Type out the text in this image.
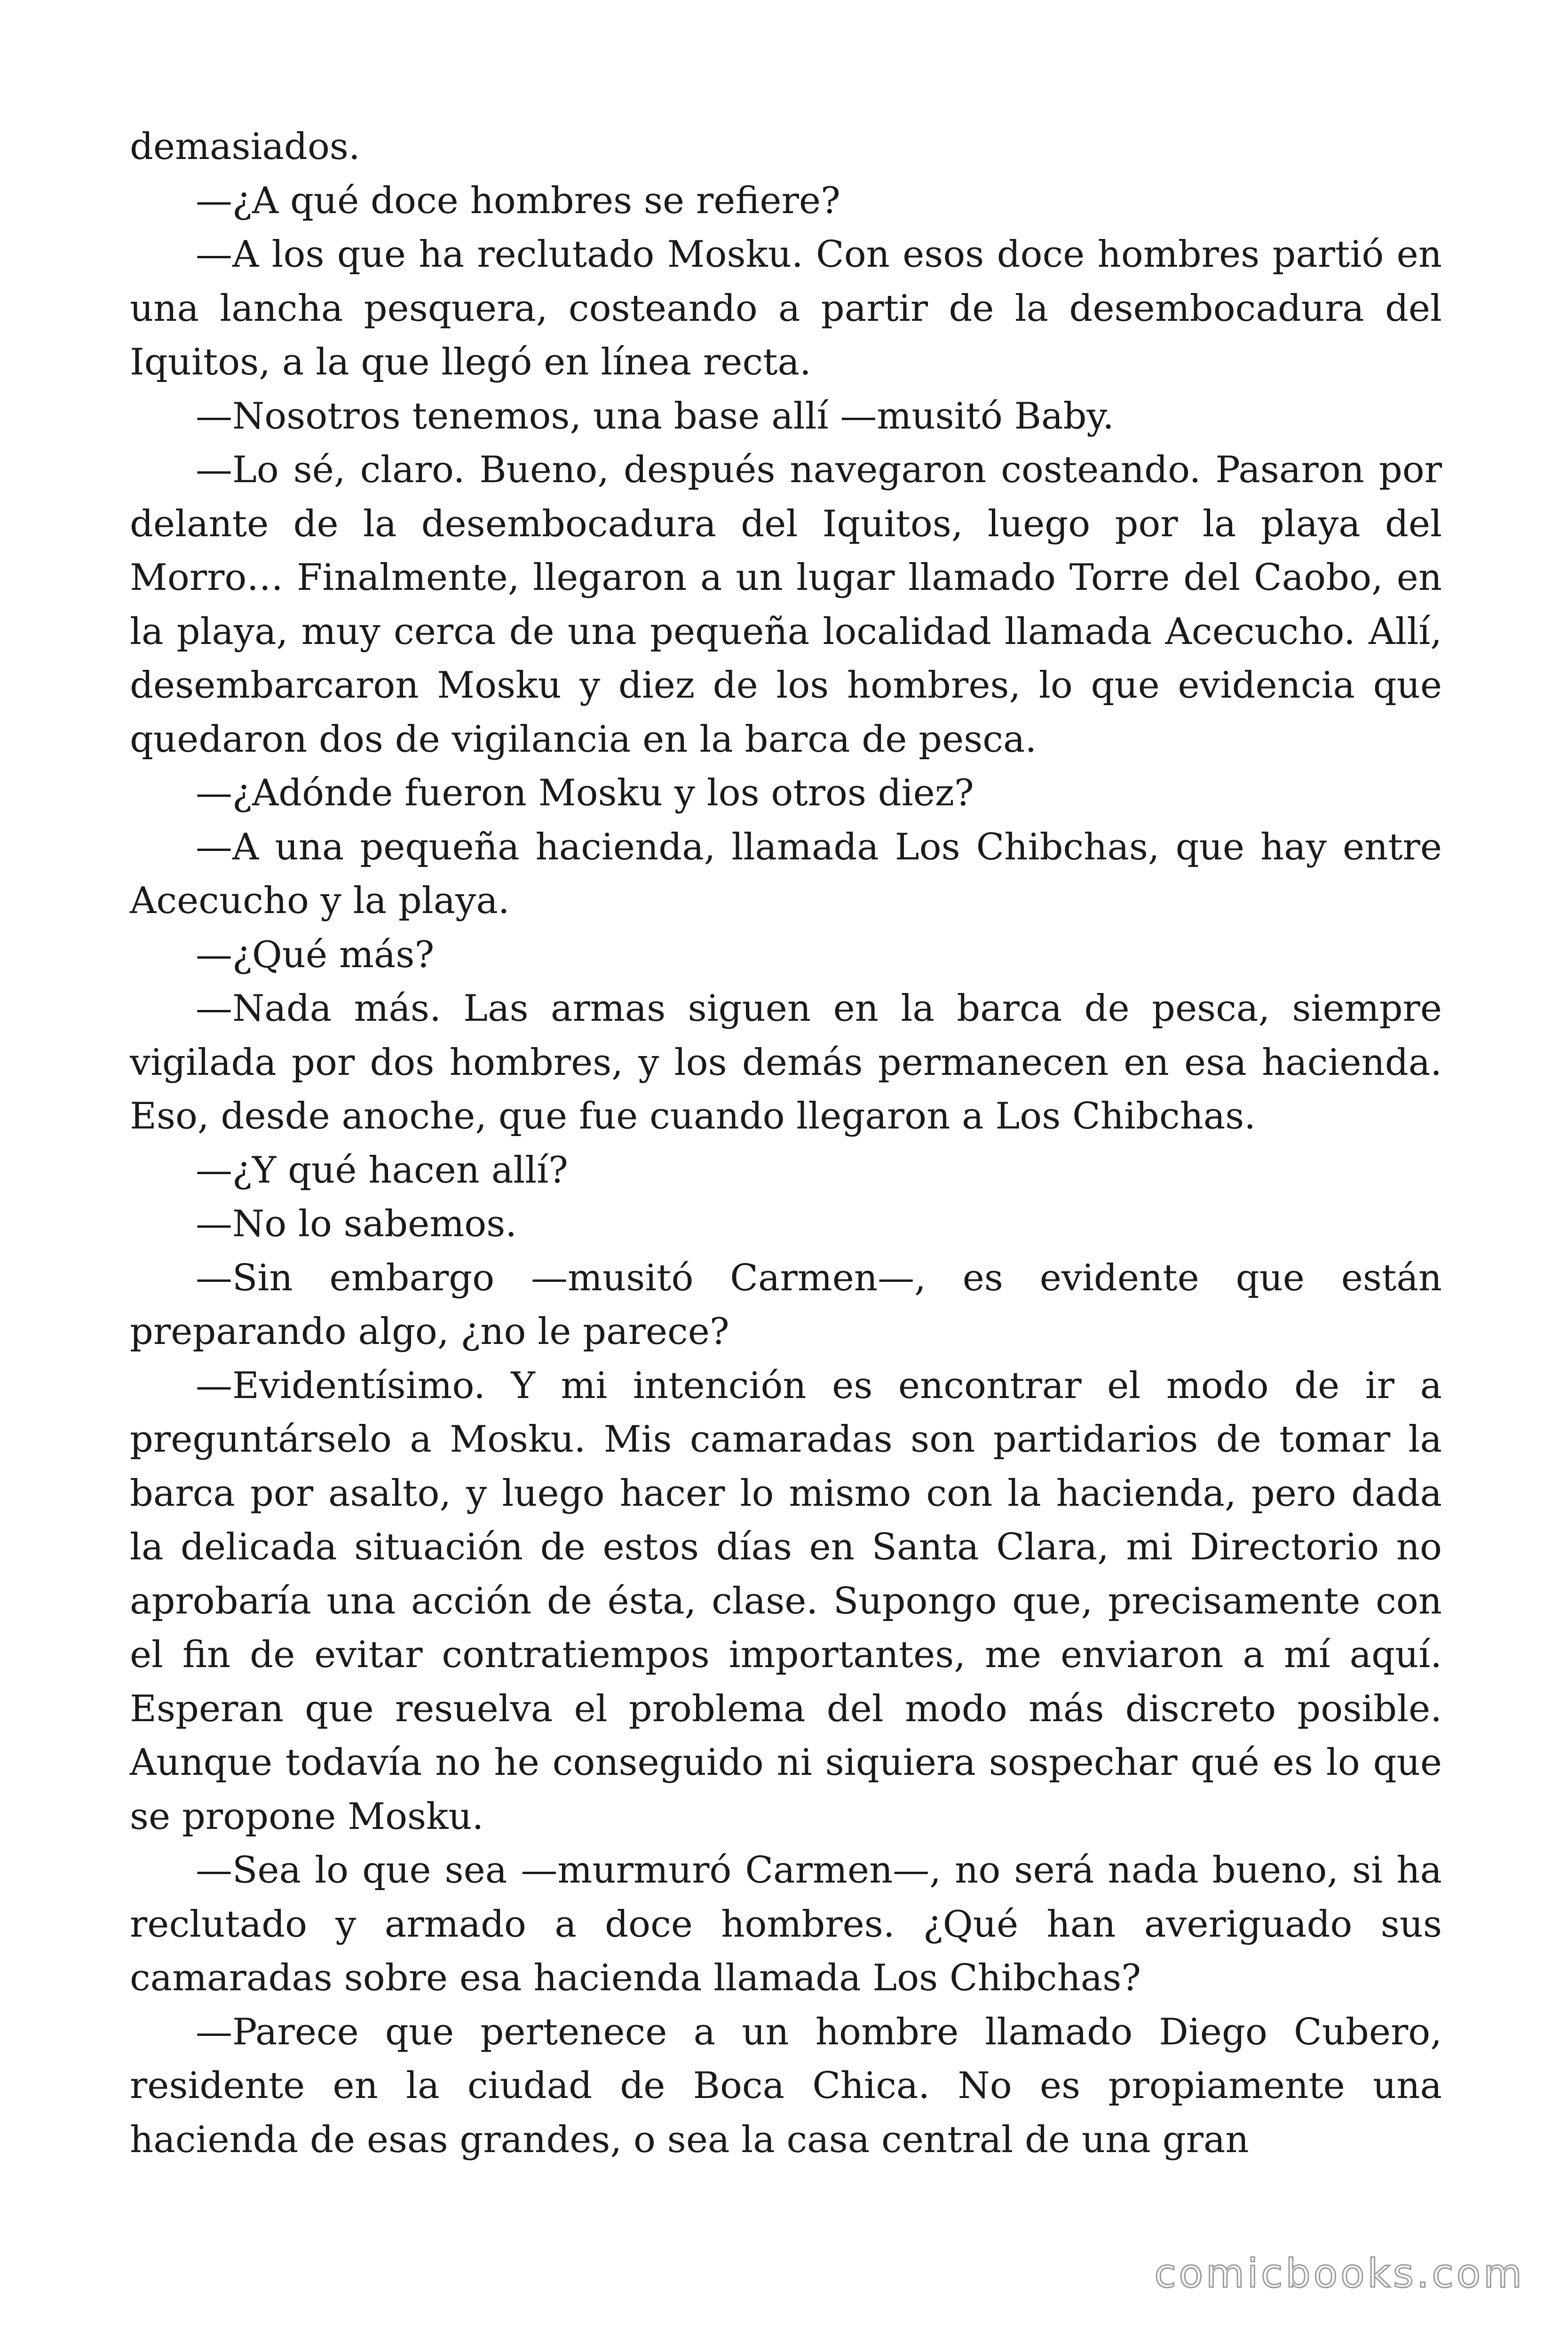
demasiados.

—¿A qué doce hombres se refiere?

—A los que ha reclutado Mosku. Con esos doce hombres partió en una lancha pesquera, costeando a partir de la desembocadura del Iquitos, a la que llegó en línea recta.

—Nosotros tenemos, una base allí —musitó Baby.

—Lo sé, claro. Bueno, después navegaron costeando. Pasaron por delante de la desembocadura del Iquitos, luego por la playa del Morro… Finalmente, llegaron a un lugar llamado Torre del Caobo, en la playa, muy cerca de una pequeña localidad llamada Acecucho. Allí, desembarcaron Mosku y diez de los hombres, lo que evidencia que quedaron dos de vigilancia en la barca de pesca.

—¿Adónde fueron Mosku y los otros diez?

—A una pequeña hacienda, llamada Los Chibchas, que hay entre Acecucho y la playa.

—¿Qué más?

—Nada más. Las armas siguen en la barca de pesca, siempre vigilada por dos hombres, y los demás permanecen en esa hacienda. Eso, desde anoche, que fue cuando llegaron a Los Chibchas.

—¿Y qué hacen allí?

—No lo sabemos.

—Sin embargo —musitó Carmen—, es evidente que están preparando algo, ¿no le parece?

—Evidentísimo. Y mi intención es encontrar el modo de ir a preguntárselo a Mosku. Mis camaradas son partidarios de tomar la barca por asalto, y luego hacer lo mismo con la hacienda, pero dada la delicada situación de estos días en Santa Clara, mi Directorio no aprobaría una acción de ésta, clase. Supongo que, precisamente con el fin de evitar contratiempos importantes, me enviaron a mí aquí. Esperan que resuelva el problema del modo más discreto posible. Aunque todavía no he conseguido ni siquiera sospechar qué es lo que se propone Mosku.

—Sea lo que sea —murmuró Carmen—, no será nada bueno, si ha reclutado y armado a doce hombres. ¿Qué han averiguado sus camaradas sobre esa hacienda llamada Los Chibchas?

—Parece que pertenece a un hombre llamado Diego Cubero, residente en la ciudad de Boca Chica. No es propiamente una hacienda de esas grandes, o sea la casa central de una gran

comicbooks.com
